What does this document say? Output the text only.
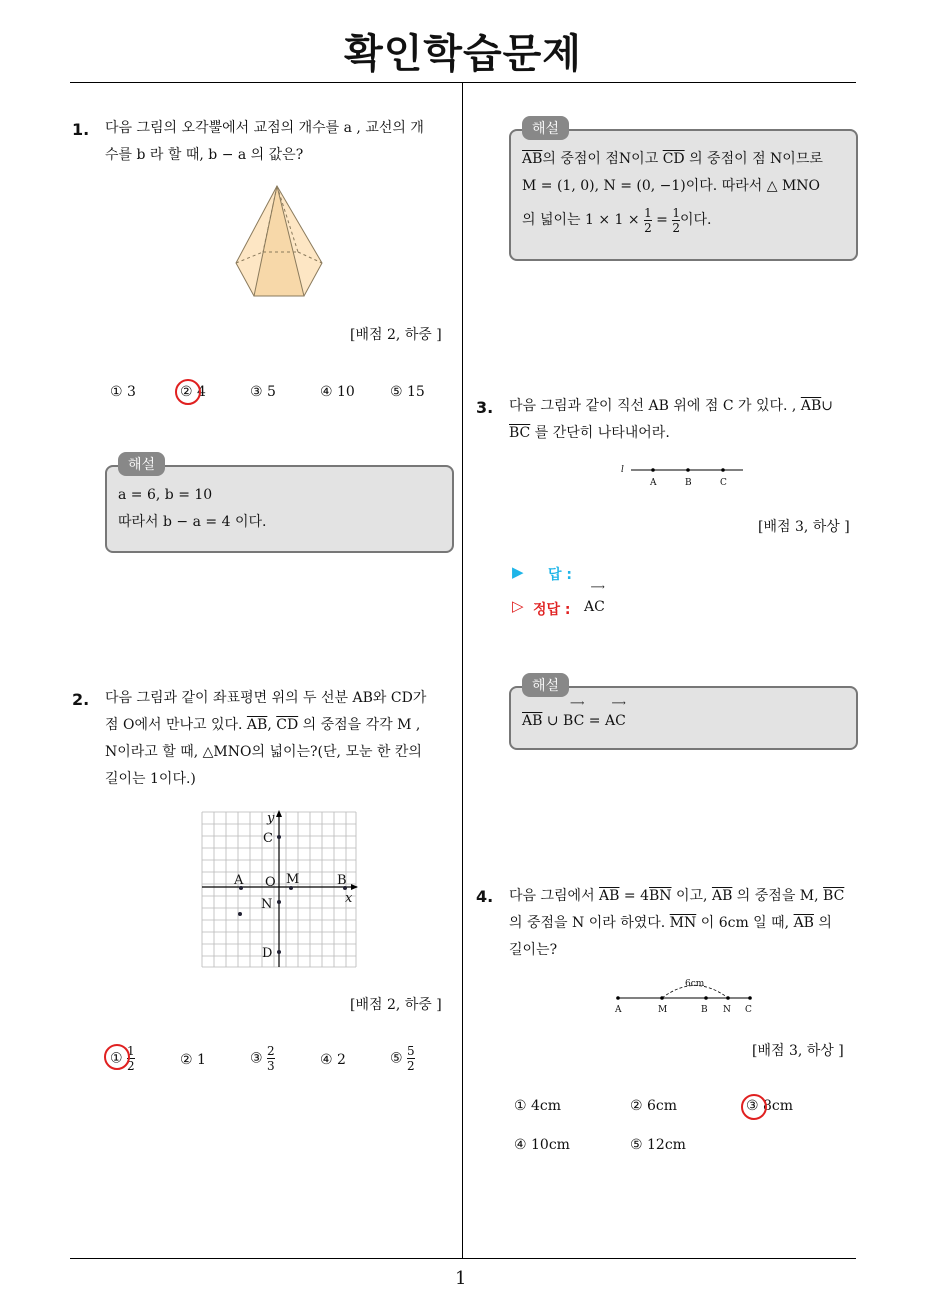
확인학습문제
1. 다음 그림의 오각뿔에서 교점의 개수를 a , 교선의 개
수를 b 라 할 때, b − a 의 값은?
[배점 2, 하중 ]
① 3	② 4	③ 5	④ 10	⑤ 15
해설
a = 6, b = 10
따라서 b − a = 4 이다.
2. 다음 그림과 같이 좌표평면 위의 두 선분 AB와 CD가
점 O에서 만나고 있다. $\overline{AB}$, $\overline{CD}$ 의 중점을 각각 M ,
N이라고 할 때, △MNO의 넓이는?(단, 모눈 한 칸의
길이는 1이다.)
y
C
A O M	B
x
N
D
[배점 2, 하중 ]
① $\frac{1}{2}$	② 1	③ $\frac{2}{3}$	④ 2	⑤ $\frac{5}{2}$
해설
$\overline{AB}$의 중점이 점N이고 $\overline{CD}$ 의 중점이 점 N이므로
M = (1, 0), N = (0, −1)이다. 따라서 △ MNO
의 넓이는 $1 \times 1 \times \frac{1}{2} = \frac{1}{2}$ 이다.
3. 다음 그림과 같이 직선 AB 위에 점 C 가 있다. , $\overline{AB}\cup$
$\overline{BC}$ 를 간단히 나타내어라.
l
A	B	C
[배점 3, 하상 ]
▶ 답 :
▷ 정답 :
⟶
AC
해설
$\overline{AB}$ ∪
⟶
BC =
⟶
AC
4. 다음 그림에서 $\overline{AB} = 4\overline{BN}$ 이고, $\overline{AB}$ 의 중점을 M, $\overline{BC}$
의 중점을 N 이라 하였다. $\overline{MN}$ 이 6cm 일 때, $\overline{AB}$ 의
길이는?
6cm
A	M	B N C
[배점 3, 하상 ]
① 4cm	② 6cm	③ 8cm
④ 10cm	⑤ 12cm
1
